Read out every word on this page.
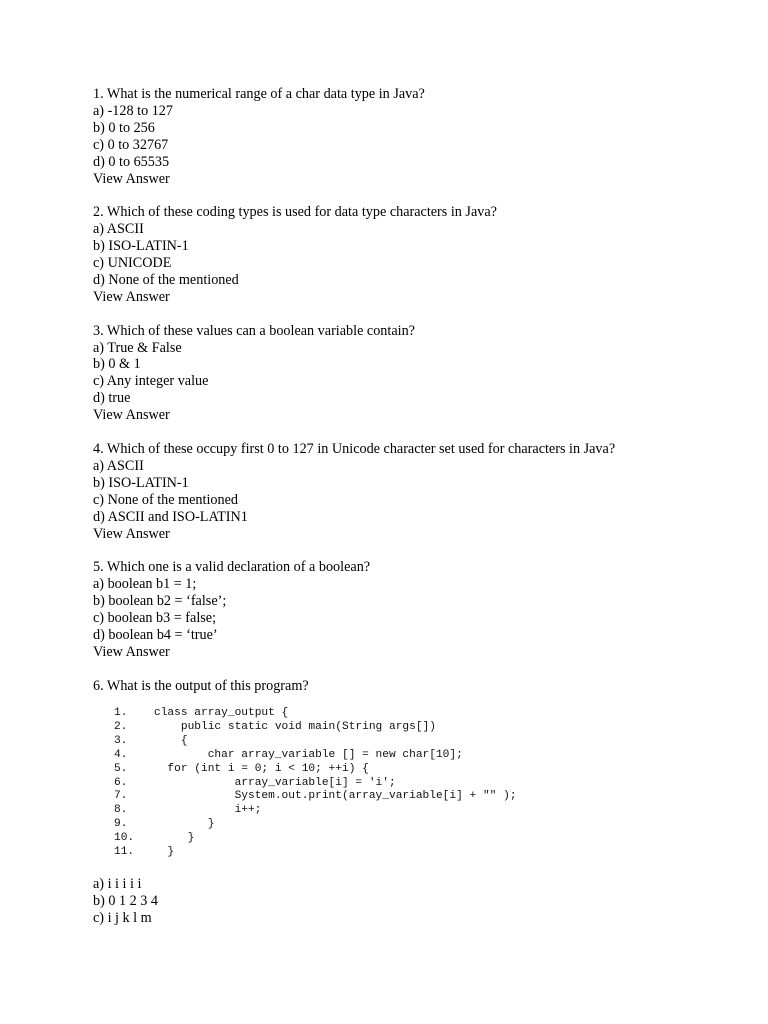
1. What is the numerical range of a char data type in Java?
a) -128 to 127
b) 0 to 256
c) 0 to 32767
d) 0 to 65535
View Answer
2. Which of these coding types is used for data type characters in Java?
a) ASCII
b) ISO-LATIN-1
c) UNICODE
d) None of the mentioned
View Answer
3. Which of these values can a boolean variable contain?
a) True & False
b) 0 & 1
c) Any integer value
d) true
View Answer
4. Which of these occupy first 0 to 127 in Unicode character set used for characters in Java?
a) ASCII
b) ISO-LATIN-1
c) None of the mentioned
d) ASCII and ISO-LATIN1
View Answer
5. Which one is a valid declaration of a boolean?
a) boolean b1 = 1;
b) boolean b2 = ‘false’;
c) boolean b3 = false;
d) boolean b4 = ‘true’
View Answer
6. What is the output of this program?
1.	class array_output {
2.	public static void main(String args[])
3.	{
4.	char array_variable [] = new char[10];
5.	for (int i = 0; i < 10; ++i) {
6.	array_variable[i] = 'i';
7.	System.out.print(array_variable[i] + "" );
8.	i++;
9.	}
10.	}
11.	}
a) i i i i i
b) 0 1 2 3 4
c) i j k l m
